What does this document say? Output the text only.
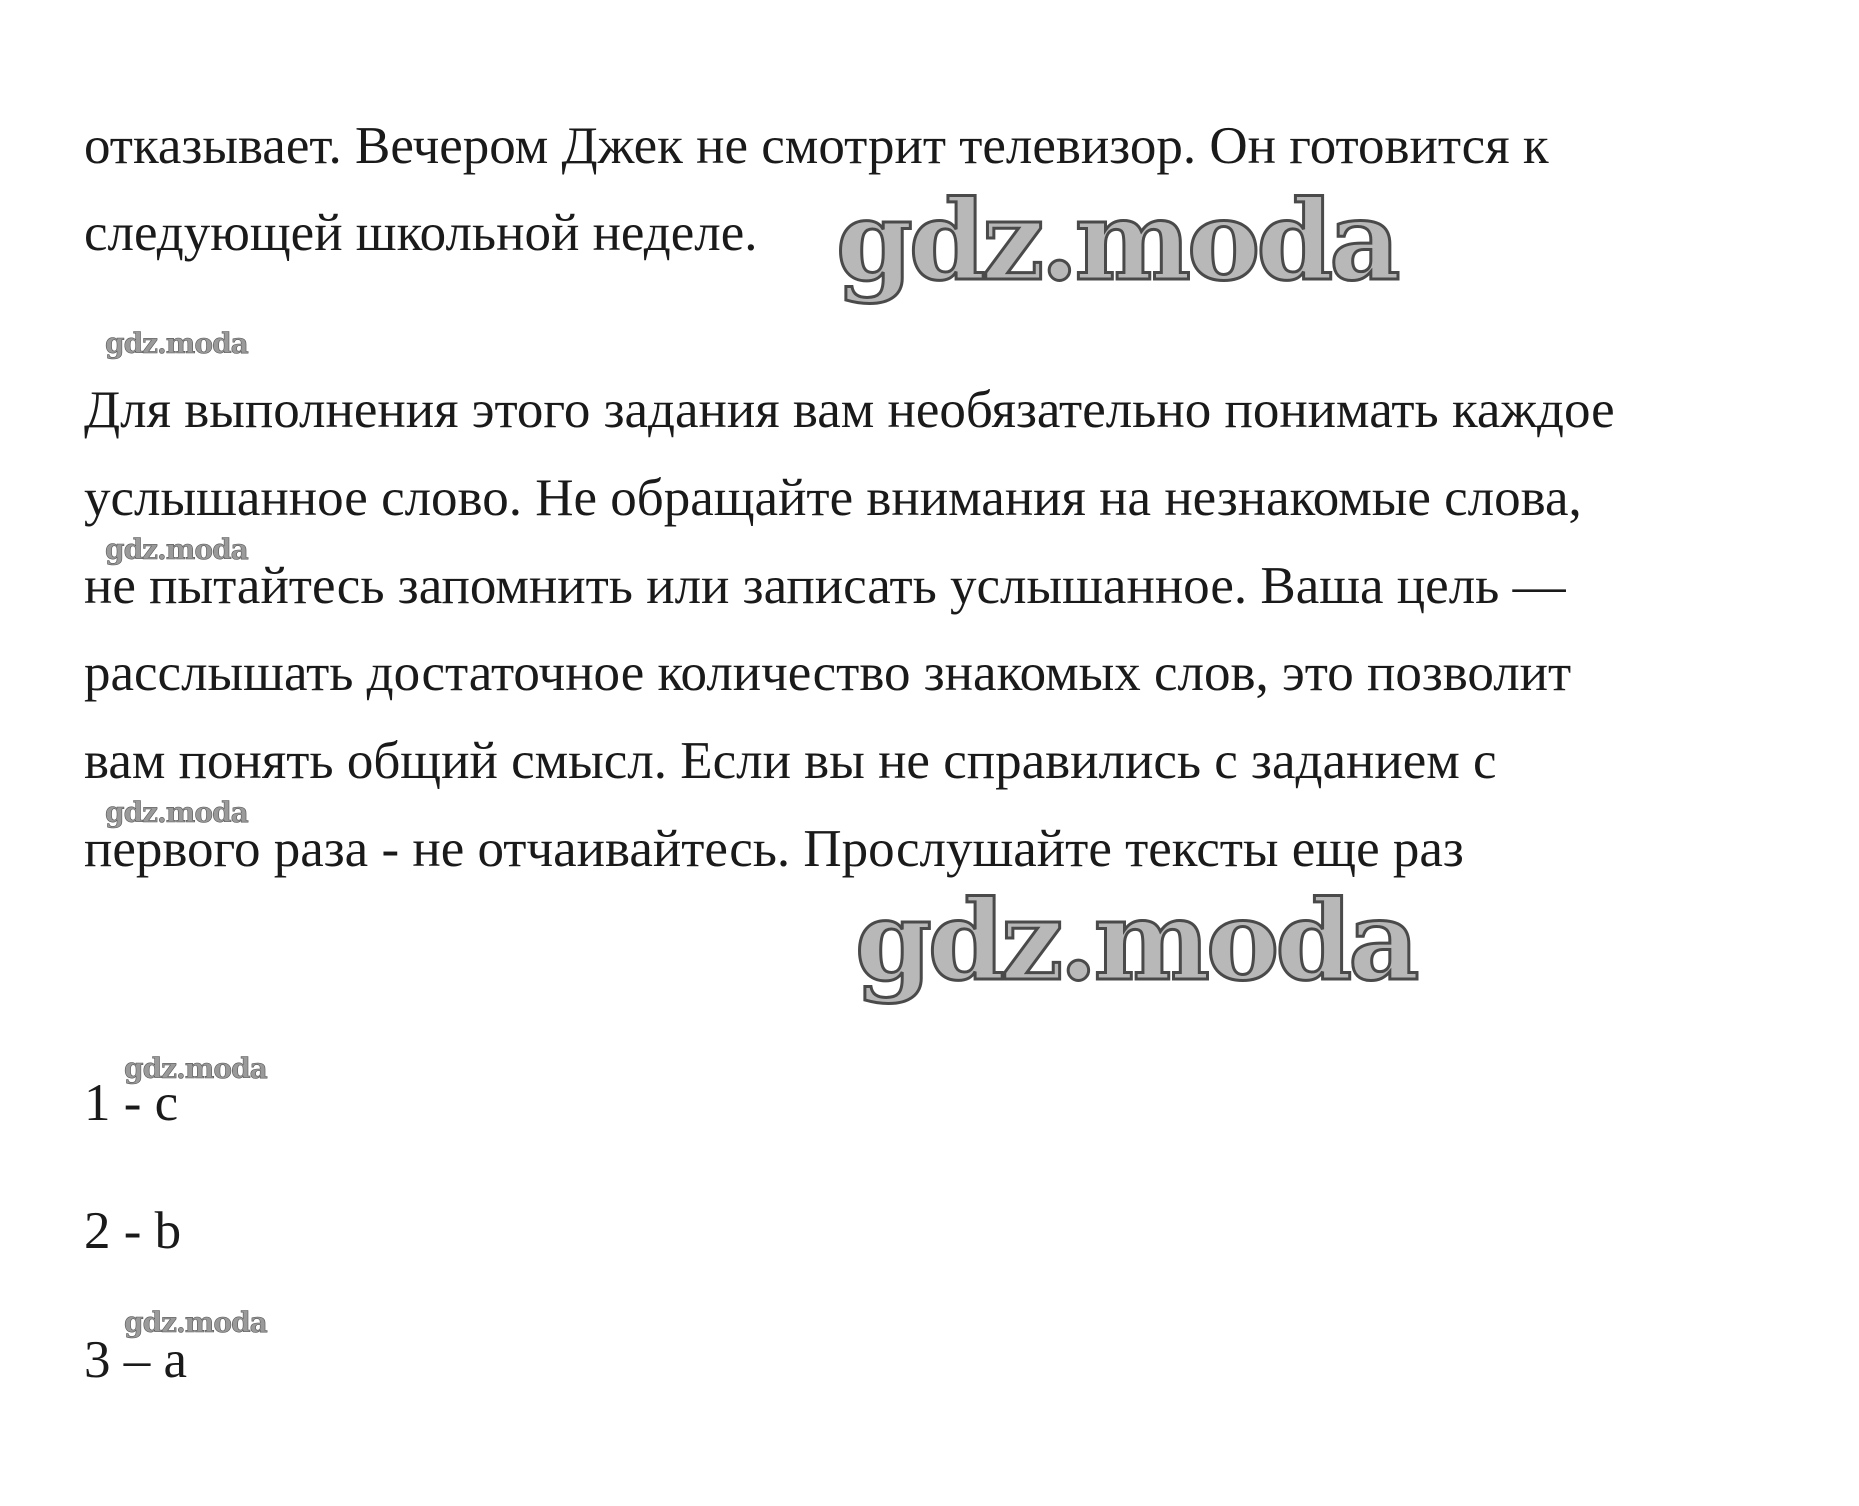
отказывает. Вечером Джек не смотрит телевизор. Он готовится к
следующей школьной неделе.
Для выполнения этого задания вам необязательно понимать каждое
услышанное слово. Не обращайте внимания на незнакомые слова,
не пытайтесь запомнить или записать услышанное. Ваша цель —
расслышать достаточное количество знакомых слов, это позволит
вам понять общий смысл. Если вы не справились с заданием с
первого раза - не отчаивайтесь. Прослушайте тексты еще раз
1 - c
2 - b
3 – a
gdz.moda
gdz.moda
gdz.moda
gdz.moda
gdz.moda
gdz.moda
gdz.moda
